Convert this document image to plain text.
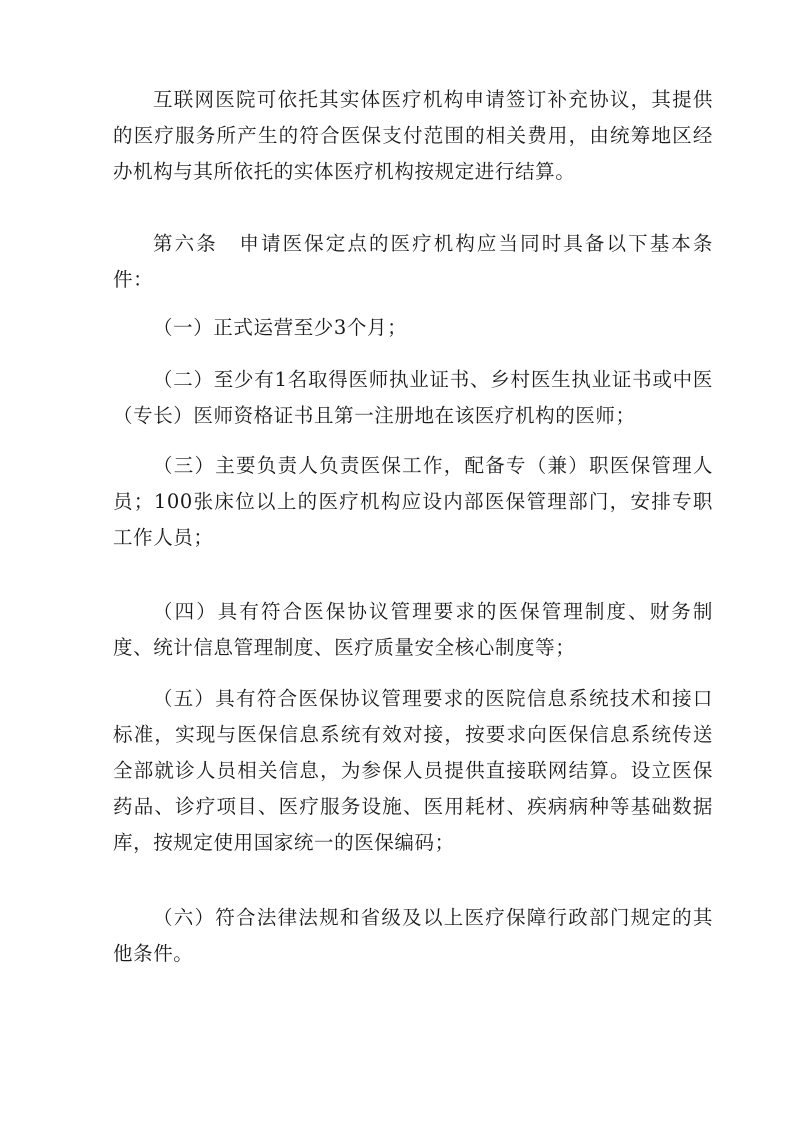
互联网医院可依托其实体医疗机构申请签订补充协议，其提供的医疗服务所产生的符合医保支付范围的相关费用，由统筹地区经办机构与其所依托的实体医疗机构按规定进行结算。

第六条　申请医保定点的医疗机构应当同时具备以下基本条件：

（一）正式运营至少3个月；

（二）至少有1名取得医师执业证书、乡村医生执业证书或中医（专长）医师资格证书且第一注册地在该医疗机构的医师；

（三）主要负责人负责医保工作，配备专（兼）职医保管理人员；100张床位以上的医疗机构应设内部医保管理部门，安排专职工作人员；

（四）具有符合医保协议管理要求的医保管理制度、财务制度、统计信息管理制度、医疗质量安全核心制度等；

（五）具有符合医保协议管理要求的医院信息系统技术和接口标准，实现与医保信息系统有效对接，按要求向医保信息系统传送全部就诊人员相关信息，为参保人员提供直接联网结算。设立医保药品、诊疗项目、医疗服务设施、医用耗材、疾病病种等基础数据库，按规定使用国家统一的医保编码；

（六）符合法律法规和省级及以上医疗保障行政部门规定的其他条件。
